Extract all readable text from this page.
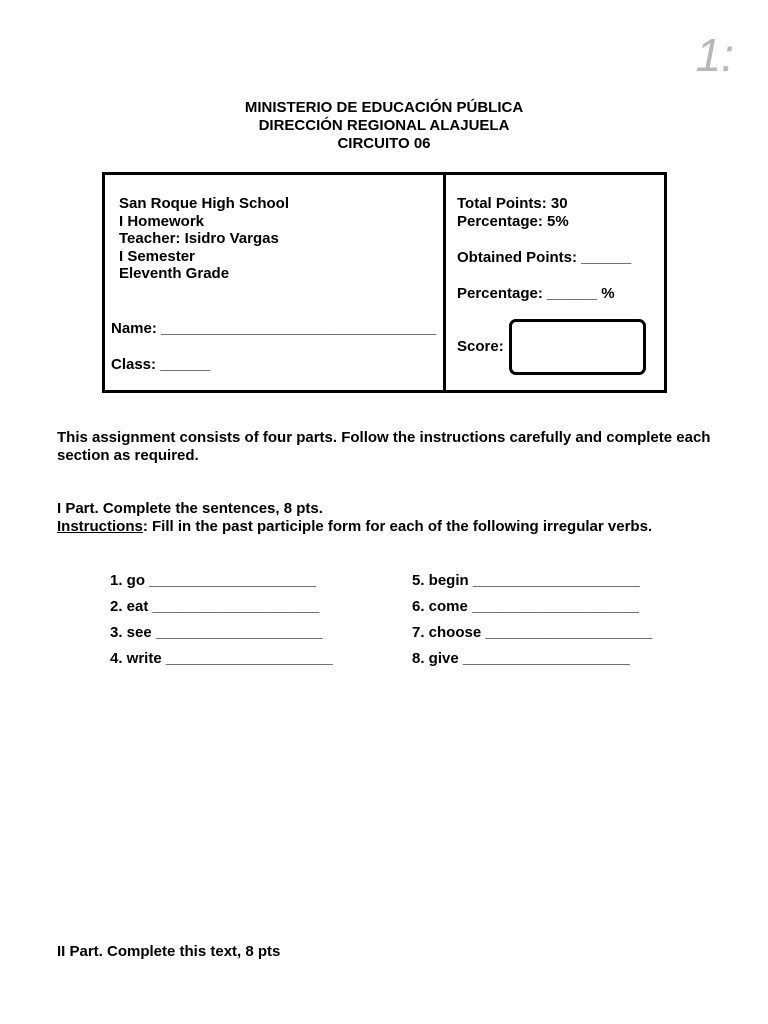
1:
MINISTERIO DE EDUCACIÓN PÚBLICA
DIRECCIÓN REGIONAL ALAJUELA
CIRCUITO 06
San Roque High School
I Homework
Teacher: Isidro Vargas
I Semester
Eleventh Grade
Name: _________________________________
Class: ______
Total Points: 30
Percentage: 5%
Obtained Points: ______
Percentage: ______ %
Score:
This assignment consists of four parts. Follow the instructions carefully and complete each section as required.
I Part. Complete the sentences, 8 pts.
Instructions: Fill in the past participle form for each of the following irregular verbs.
1. go ____________________
2. eat ____________________
3. see ____________________
4. write ____________________
5. begin ____________________
6. come ____________________
7. choose ____________________
8. give ____________________
II Part. Complete this text, 8 pts
